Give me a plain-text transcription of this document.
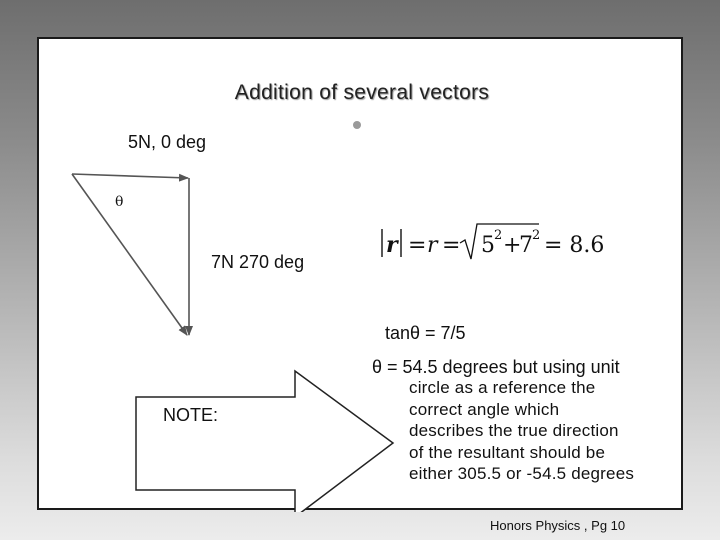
Addition of several vectors
5N, 0 deg
θ
7N 270 deg
r = r = 5 2 +
7 2 = 8.6
tanθ = 7/5
θ = 54.5 degrees but using unit
circle as a reference the
correct angle which
describes the true direction
of the resultant should be
either 305.5 or -54.5 degrees
NOTE:
Honors Physics , Pg 10
